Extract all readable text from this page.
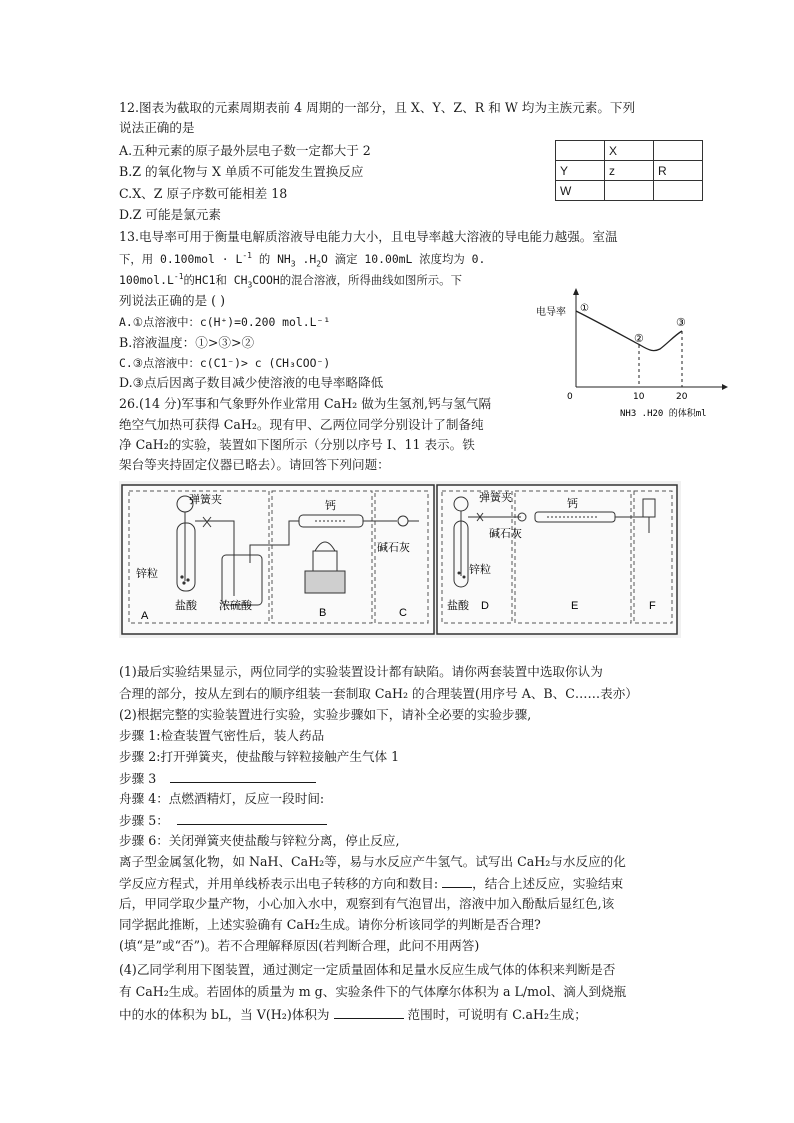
12.图表为截取的元素周期表前 4 周期的一部分，且 X、Y、Z、R 和 W 均为主族元素。下列
说法正确的是
A.五种元素的原子最外层电子数一定都大于 2
B.Z 的氧化物与 X 单质不可能发生置换反应
C.X、Z 原子序数可能相差 18
D.Z 可能是氯元素
	X	
Y	z	R
W		
13.电导率可用于衡量电解质溶液导电能力大小，且电导率越大溶液的导电能力越强。室温
下，用 $0.100mol \cdot L^{-1}$ 的 $NH_3$ $.H_2O$ 滴定 10.00mL 浓度均为 0.
$100mol.L^{-1}$的HC1和 $CH_3COOH$的混合溶液，所得曲线如图所示。下
列说法正确的是 ( )
A.①点溶液中：c(H⁺)=0.200 mol.L⁻¹
B.溶液温度：①>③>②
C.③点溶液中：c(C1⁻)> c (CH₃COO⁻)
D.③点后因离子数目减少使溶液的电导率略降低
电导率 ①
②
③
0	10	20
NH3 .H20 的体积ml
26.(14 分)军事和气象野外作业常用 CaH₂ 做为生氢剂,钙与氢气隔
绝空气加热可获得 CaH₂。现有甲、乙两位同学分别设计了制备纯
净 CaH₂的实验，装置如下图所示（分别以序号 I、11 表示。铁
架台等夹持固定仪器已略去）。请回答下列问题：
弹簧夹	钙
锌粒
盐酸 浓硫酸
碱石灰
A	B	C
弹簧夹	钙
碱石灰
锌粒
盐酸 D	E	F
(1)最后实验结果显示，两位同学的实验装置设计都有缺陷。请你两套装置中选取你认为
合理的部分，按从左到右的顺序组装一套制取 CaH₂ 的合理装置(用序号 A、B、C……表亦）
(2)根据完整的实验装置进行实验，实验步骤如下，请补全必要的实验步骤,
步骤 1:检查装置气密性后，装人药品
步骤 2:打开弹簧夹，使盐酸与锌粒接触产生气体 1
步骤 3
舟骤 4：点燃酒精灯，反应一段时间:
步骤 5：
步骤 6：关闭弹簧夹使盐酸与锌粒分离，停止反应,
离子型金属氢化物，如 NaH、CaH₂等，易与水反应产牛氢气。试写出 CaH₂与水反应的化
学反应方程式，并用单线桥表示出电子转移的方向和数目: ，结合上述反应，实验结束
后，甲同学取少量产物，小心加入水中，观察到有气泡冒出，溶液中加入酚酞后显红色,该
同学据此推断，上述实验确有 CaH₂生成。请你分析该同学的判断是否合理?
(填“是”或“否”)。若不合理解释原因(若判断合理，此问不用两答)
(4)乙同学利用下图装置，通过测定一定质量固体和足量水反应生成气体的体积来判断是否
有 CaH₂生成。若固体的质量为 m g、实验条件下的气体摩尔体积为 a L/mol、滴人到烧瓶
中的水的体积为 bL，当 V(H₂)体积为	范围时，可说明有 C.aH₂生成；
